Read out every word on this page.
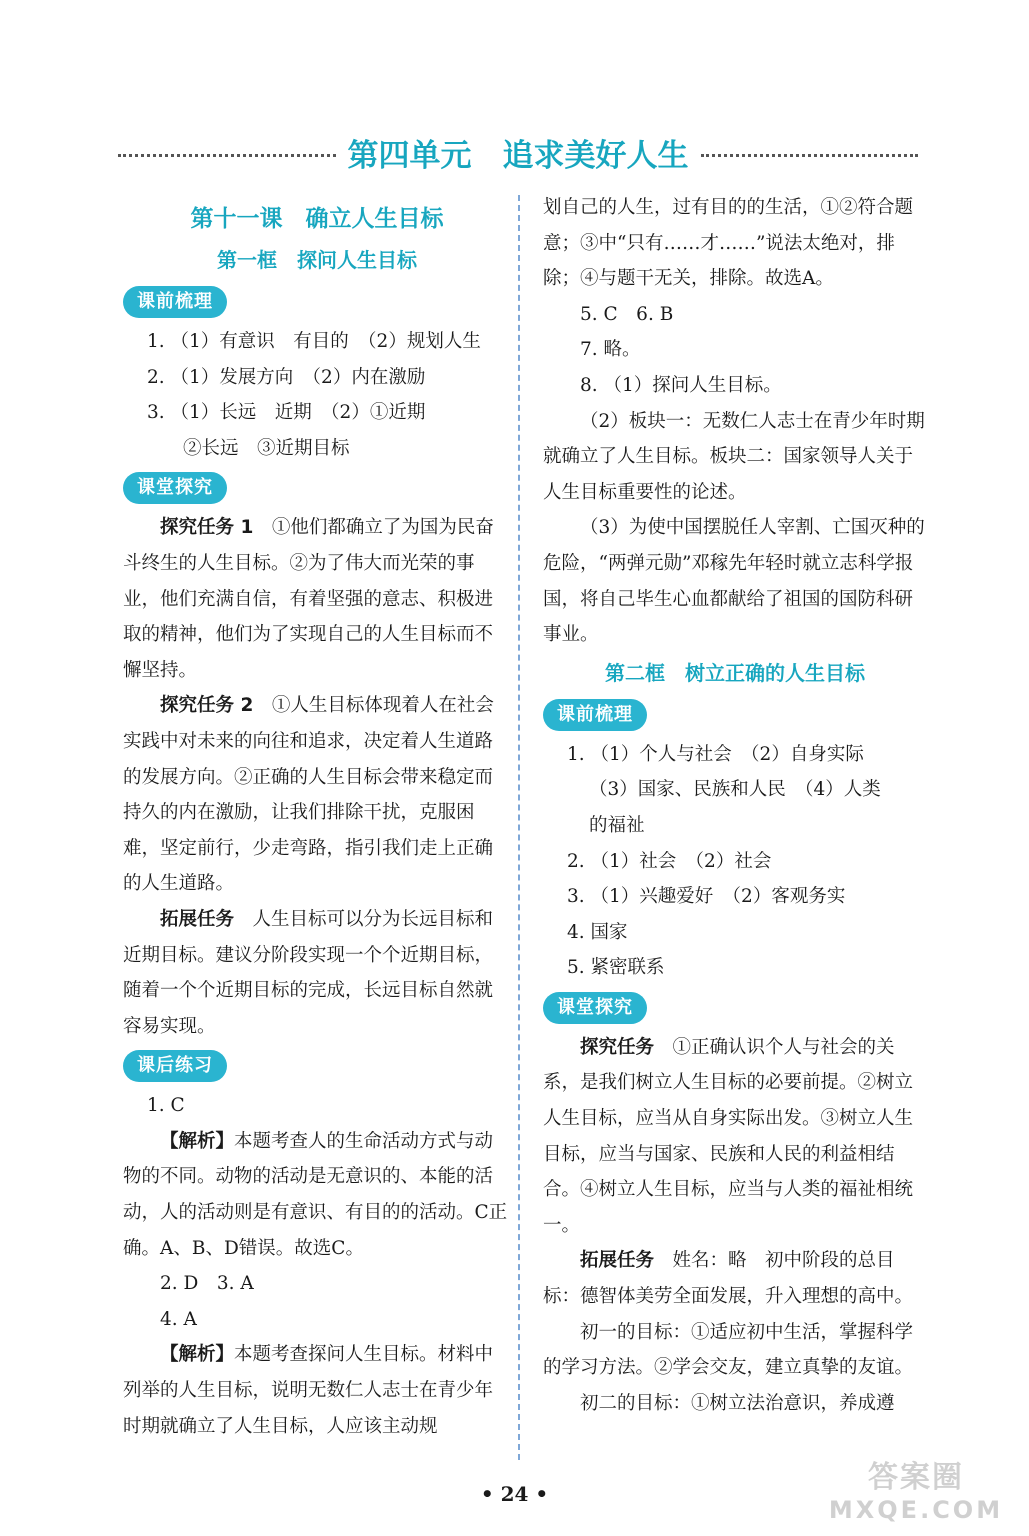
第四单元　追求美好人生
第十一课　确立人生目标
第一框　探问人生目标
课前梳理

1. （1）有意识　有目的　（2）规划人生

2. （1）发展方向　（2）内在激励

3. （1）长远　近期　（2）①近期

②长远　③近期目标

课堂探究

探究任务 1　 ①他们都确立了为国为民奋斗终生的人生目标。②为了伟大而光荣的事业，他们充满自信，有着坚强的意志、积极进取的精神，他们为了实现自己的人生目标而不懈坚持。

探究任务 2　 ①人生目标体现着人在社会实践中对未来的向往和追求，决定着人生道路的发展方向。②正确的人生目标会带来稳定而持久的内在激励，让我们排除干扰，克服困难，坚定前行，少走弯路，指引我们走上正确的人生道路。

拓展任务　 人生目标可以分为长远目标和近期目标。建议分阶段实现一个个近期目标，随着一个个近期目标的完成，长远目标自然就容易实现。

课后练习

1. C

【解析】本题考查人的生命活动方式与动物的不同。动物的活动是无意识的、本能的活动，人的活动则是有意识、有目的的活动。C正确。A、B、D错误。故选C。

2. D　3. A

4. A

【解析】本题考查探问人生目标。材料中列举的人生目标，说明无数仁人志士在青少年时期就确立了人生目标，人应该主动规

划自己的人生，过有目的的生活，①②符合题意；③中“只有……才……”说法太绝对，排除；④与题干无关，排除。故选A。

5. C　6. B

7. 略。

8. （1）探问人生目标。

（2）板块一：无数仁人志士在青少年时期就确立了人生目标。板块二：国家领导人关于人生目标重要性的论述。

（3）为使中国摆脱任人宰割、亡国灭种的危险，“两弹元勋”邓稼先年轻时就立志科学报国，将自己毕生心血都献给了祖国的国防科研事业。

第二框　树立正确的人生目标
课前梳理

1. （1）个人与社会　（2）自身实际

（3）国家、民族和人民　（4）人类

的福祉

2. （1）社会　（2）社会

3. （1）兴趣爱好　（2）客观务实

4. 国家

5. 紧密联系

课堂探究

探究任务　 ①正确认识个人与社会的关系，是我们树立人生目标的必要前提。②树立人生目标，应当从自身实际出发。③树立人生目标，应当与国家、民族和人民的利益相结合。④树立人生目标，应当与人类的福祉相统一。

拓展任务　 姓名：略　初中阶段的总目标：德智体美劳全面发展，升入理想的高中。

初一的目标：①适应初中生活，掌握科学的学习方法。②学会交友，建立真挚的友谊。

初二的目标：①树立法治意识，养成遵

• 24 •	答案圈
MXQE.COM
